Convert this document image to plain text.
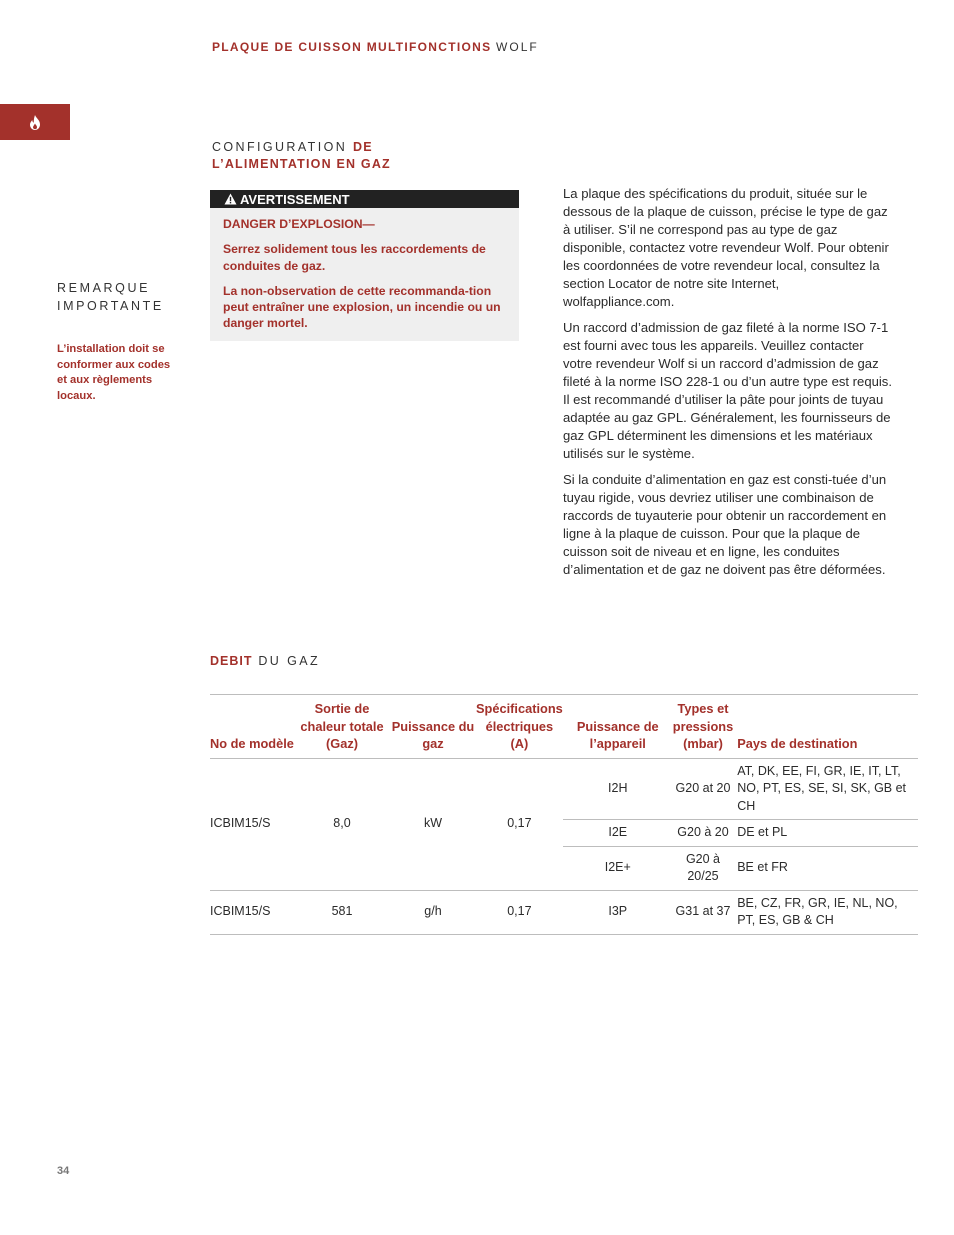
PLAQUE DE CUISSON MULTIFONCTIONS WOLF
CONFIGURATION DE
L’ALIMENTATION EN GAZ
REMARQUE
IMPORTANTE
L’installation doit se conformer aux codes et aux règlements locaux.
AVERTISSEMENT

DANGER D’EXPLOSION—

Serrez solidement tous les raccordements de conduites de gaz.

La non-observation de cette recommanda-tion peut entraîner une explosion, un incendie ou un danger mortel.

La plaque des spécifications du produit, située sur le dessous de la plaque de cuisson, précise le type de gaz à utiliser. S’il ne correspond pas au type de gaz disponible, contactez votre revendeur Wolf. Pour obtenir les coordonnées de votre revendeur local, consultez la section Locator de notre site Internet, wolfappliance.com.

Un raccord d’admission de gaz fileté à la norme ISO 7-1 est fourni avec tous les appareils. Veuillez contacter votre revendeur Wolf si un raccord d’admission de gaz fileté à la norme ISO 228-1 ou d’un autre type est requis. Il est recommandé d’utiliser la pâte pour joints de tuyau adaptée au gaz GPL. Généralement, les fournisseurs de gaz GPL déterminent les dimensions et les matériaux utilisés sur le système.

Si la conduite d’alimentation en gaz est consti-tuée d’un tuyau rigide, vous devriez utiliser une combinaison de raccords de tuyauterie pour obtenir un raccordement en ligne à la plaque de cuisson. Pour que la plaque de cuisson soit de niveau et en ligne, les conduites d’alimentation et de gaz ne doivent pas être déformées.

DEBIT DU GAZ
No de modèle	Sortie de chaleur totale (Gaz)	Puissance du gaz	Spécifications électriques (A)	Puissance de l’appareil	Types et pressions (mbar)	Pays de destination
ICBIM15/S	8,0	kW	0,17	I2H	G20 at 20	AT, DK, EE, FI, GR, IE, IT, LT, NO, PT, ES, SE, SI, SK, GB et CH
				I2E	G20 à 20	DE et PL
				I2E+	G20 à 20/25	BE et FR
ICBIM15/S	581	g/h	0,17	I3P	G31 at 37	BE, CZ, FR, GR, IE, NL, NO, PT, ES, GB & CH
34
